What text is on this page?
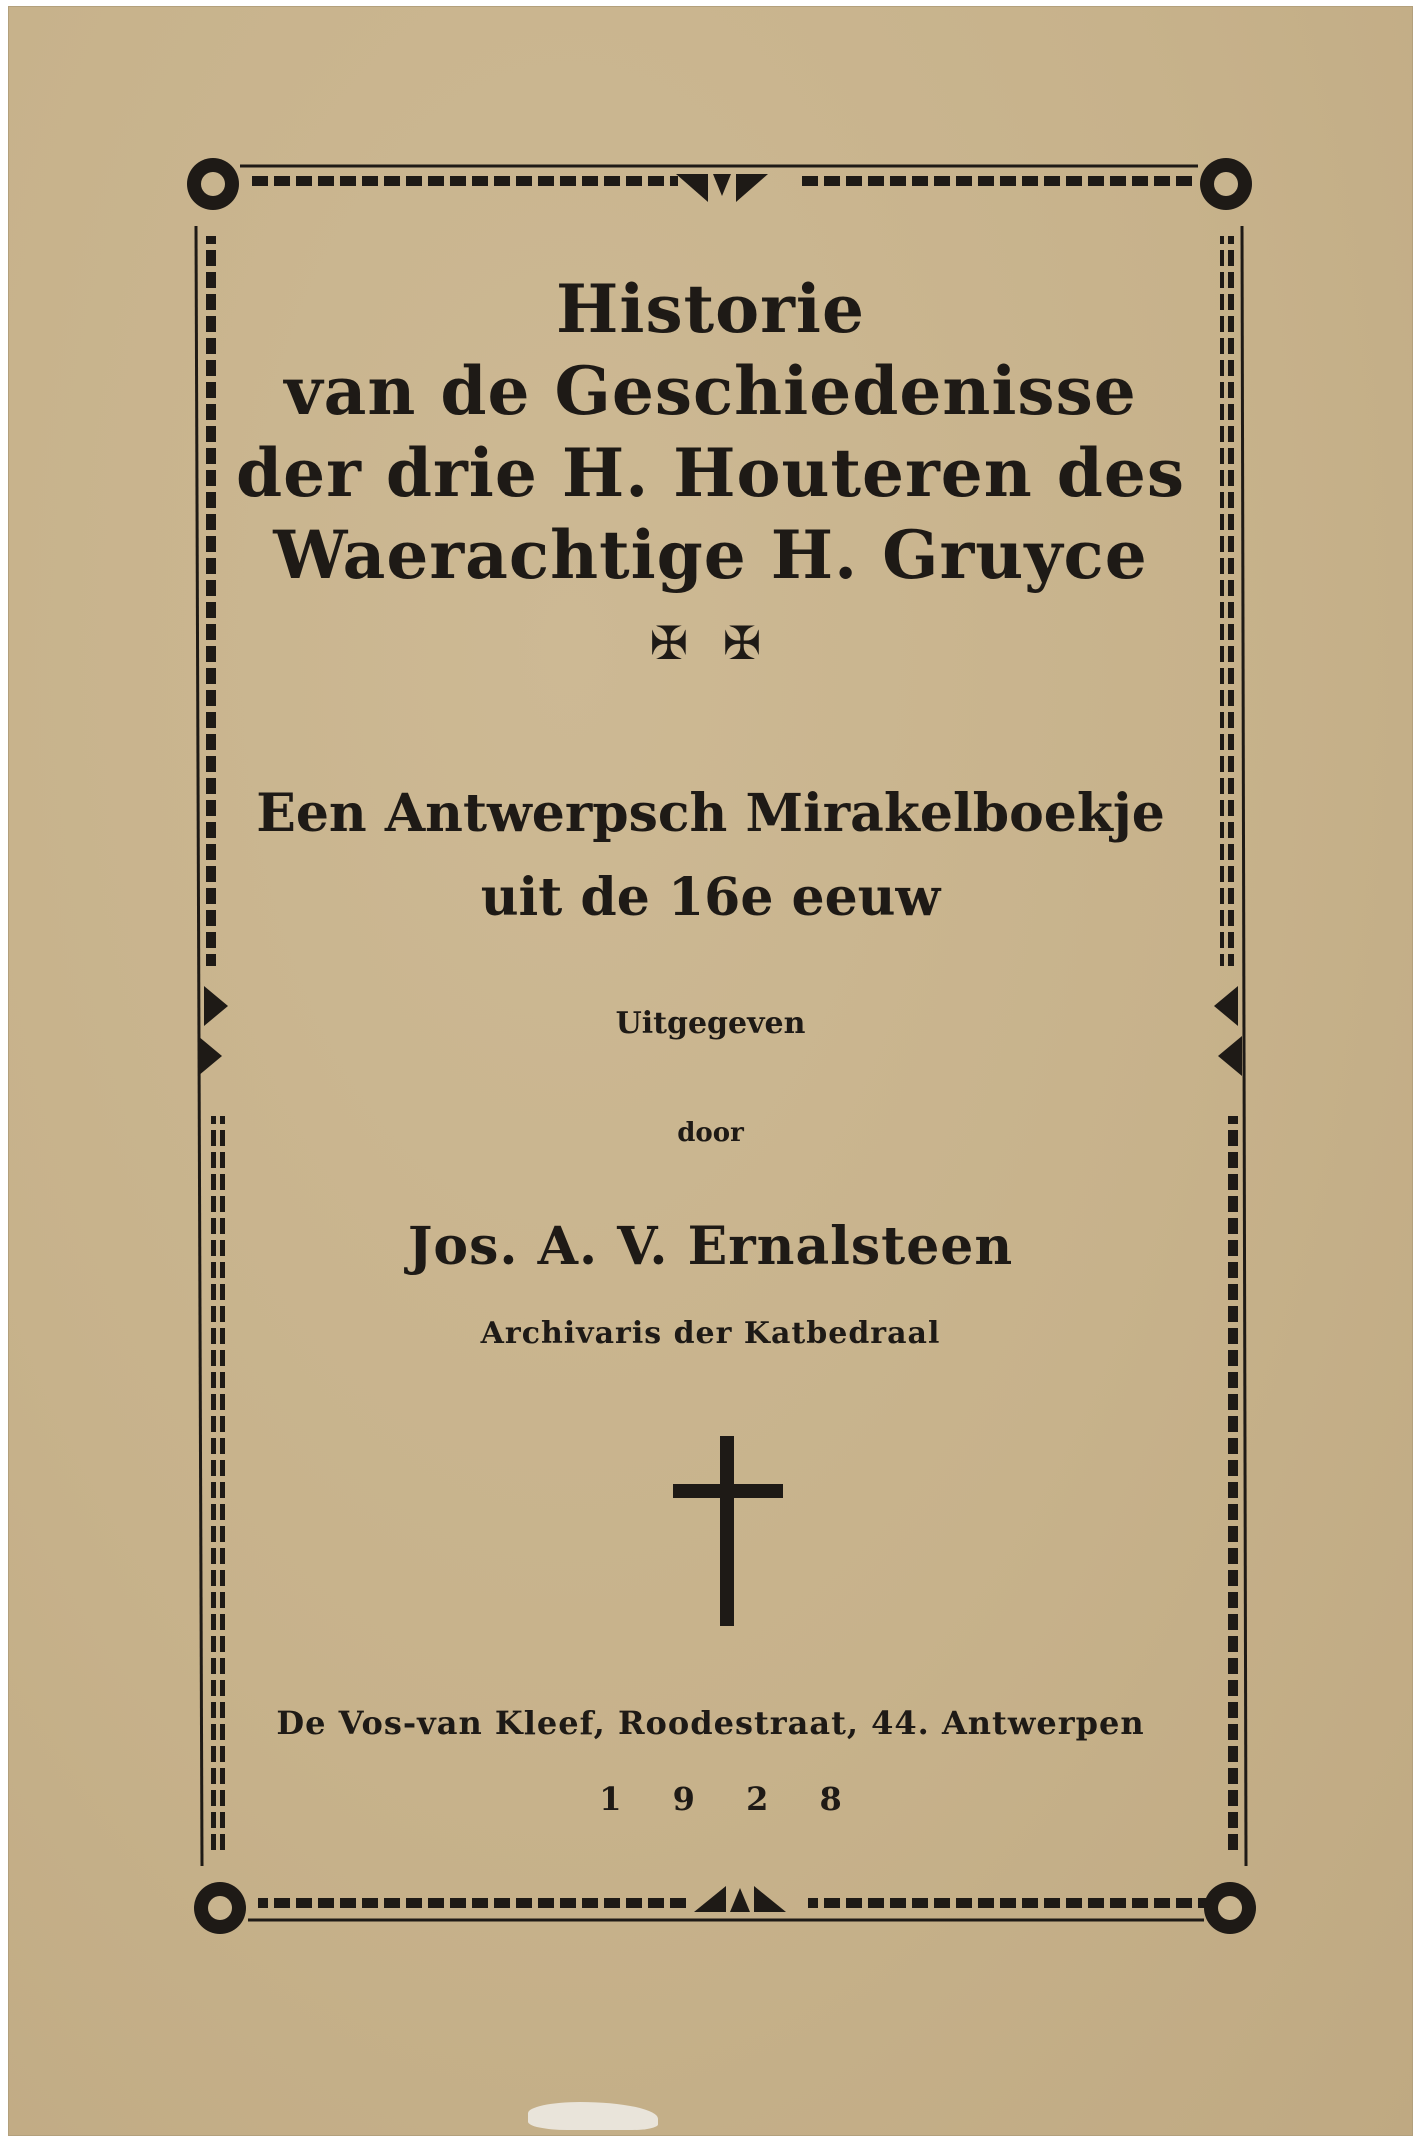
Historie
van de Geschiedenisse
der drie H. Houteren des
Waerachtige H. Gruyce
✠ ✠
Een Antwerpsch Mirakelboekje
uit de 16e eeuw
Uitgegeven
door
Jos. A. V. Ernalsteen
Archivaris der Katbedraal
De Vos-van Kleef, Roodestraat, 44. Antwerpen
1 9 2 8
